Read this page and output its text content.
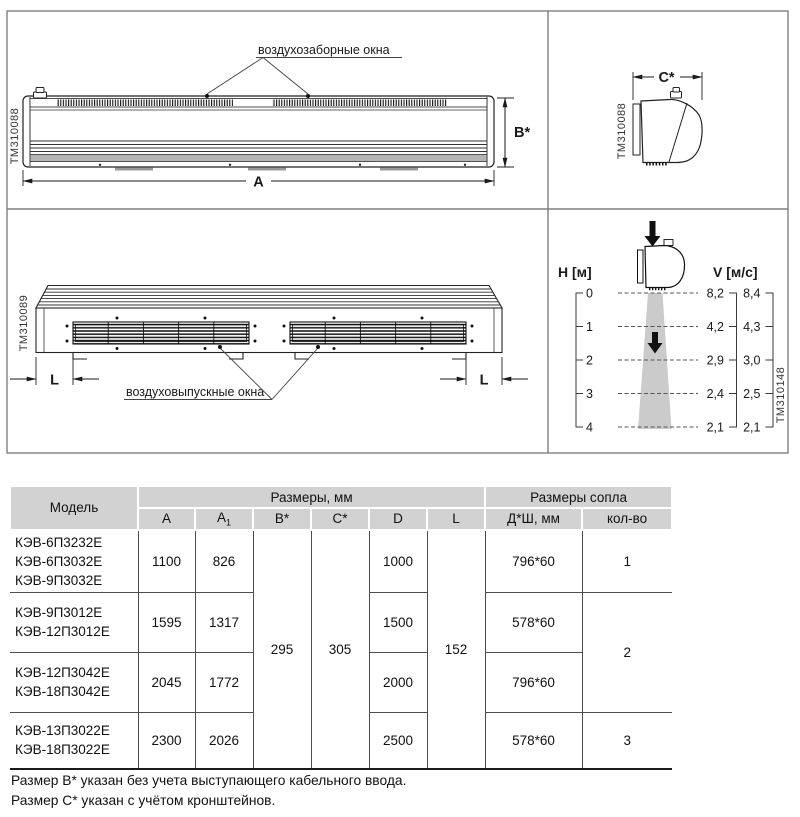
воздухозаборные окна
A
B*
ТМ310088
C*
ТМ310088
L	L
воздуховыпускные окна
ТМ310089
H [м]
0
1
2
3
4
V [м/с]
8,2
4,2
2,9
2,4
2,1
8,4
4,3
3,0
2,5
2,1
ТМ310148
Модель	Размеры, мм						Размеры сопла	
	A	$A_1$	B*	C*	D	L	Д*Ш, мм	кол-во

КЭВ-6П3232Е
КЭВ-6П3032Е
КЭВ-9П3032Е	1100	826	295	305	1000	152	796*60	1

КЭВ-9П3012Е
КЭВ-12П3012Е	1595	1317			1500		578*60	2

КЭВ-12П3042Е
КЭВ-18П3042Е	2045	1772			2000		796*60	

КЭВ-13П3022Е
КЭВ-18П3022Е	2300	2026			2500		578*60	3
Размер B* указан без учета выступающего кабельного ввода.
Размер C* указан с учётом кронштейнов.
